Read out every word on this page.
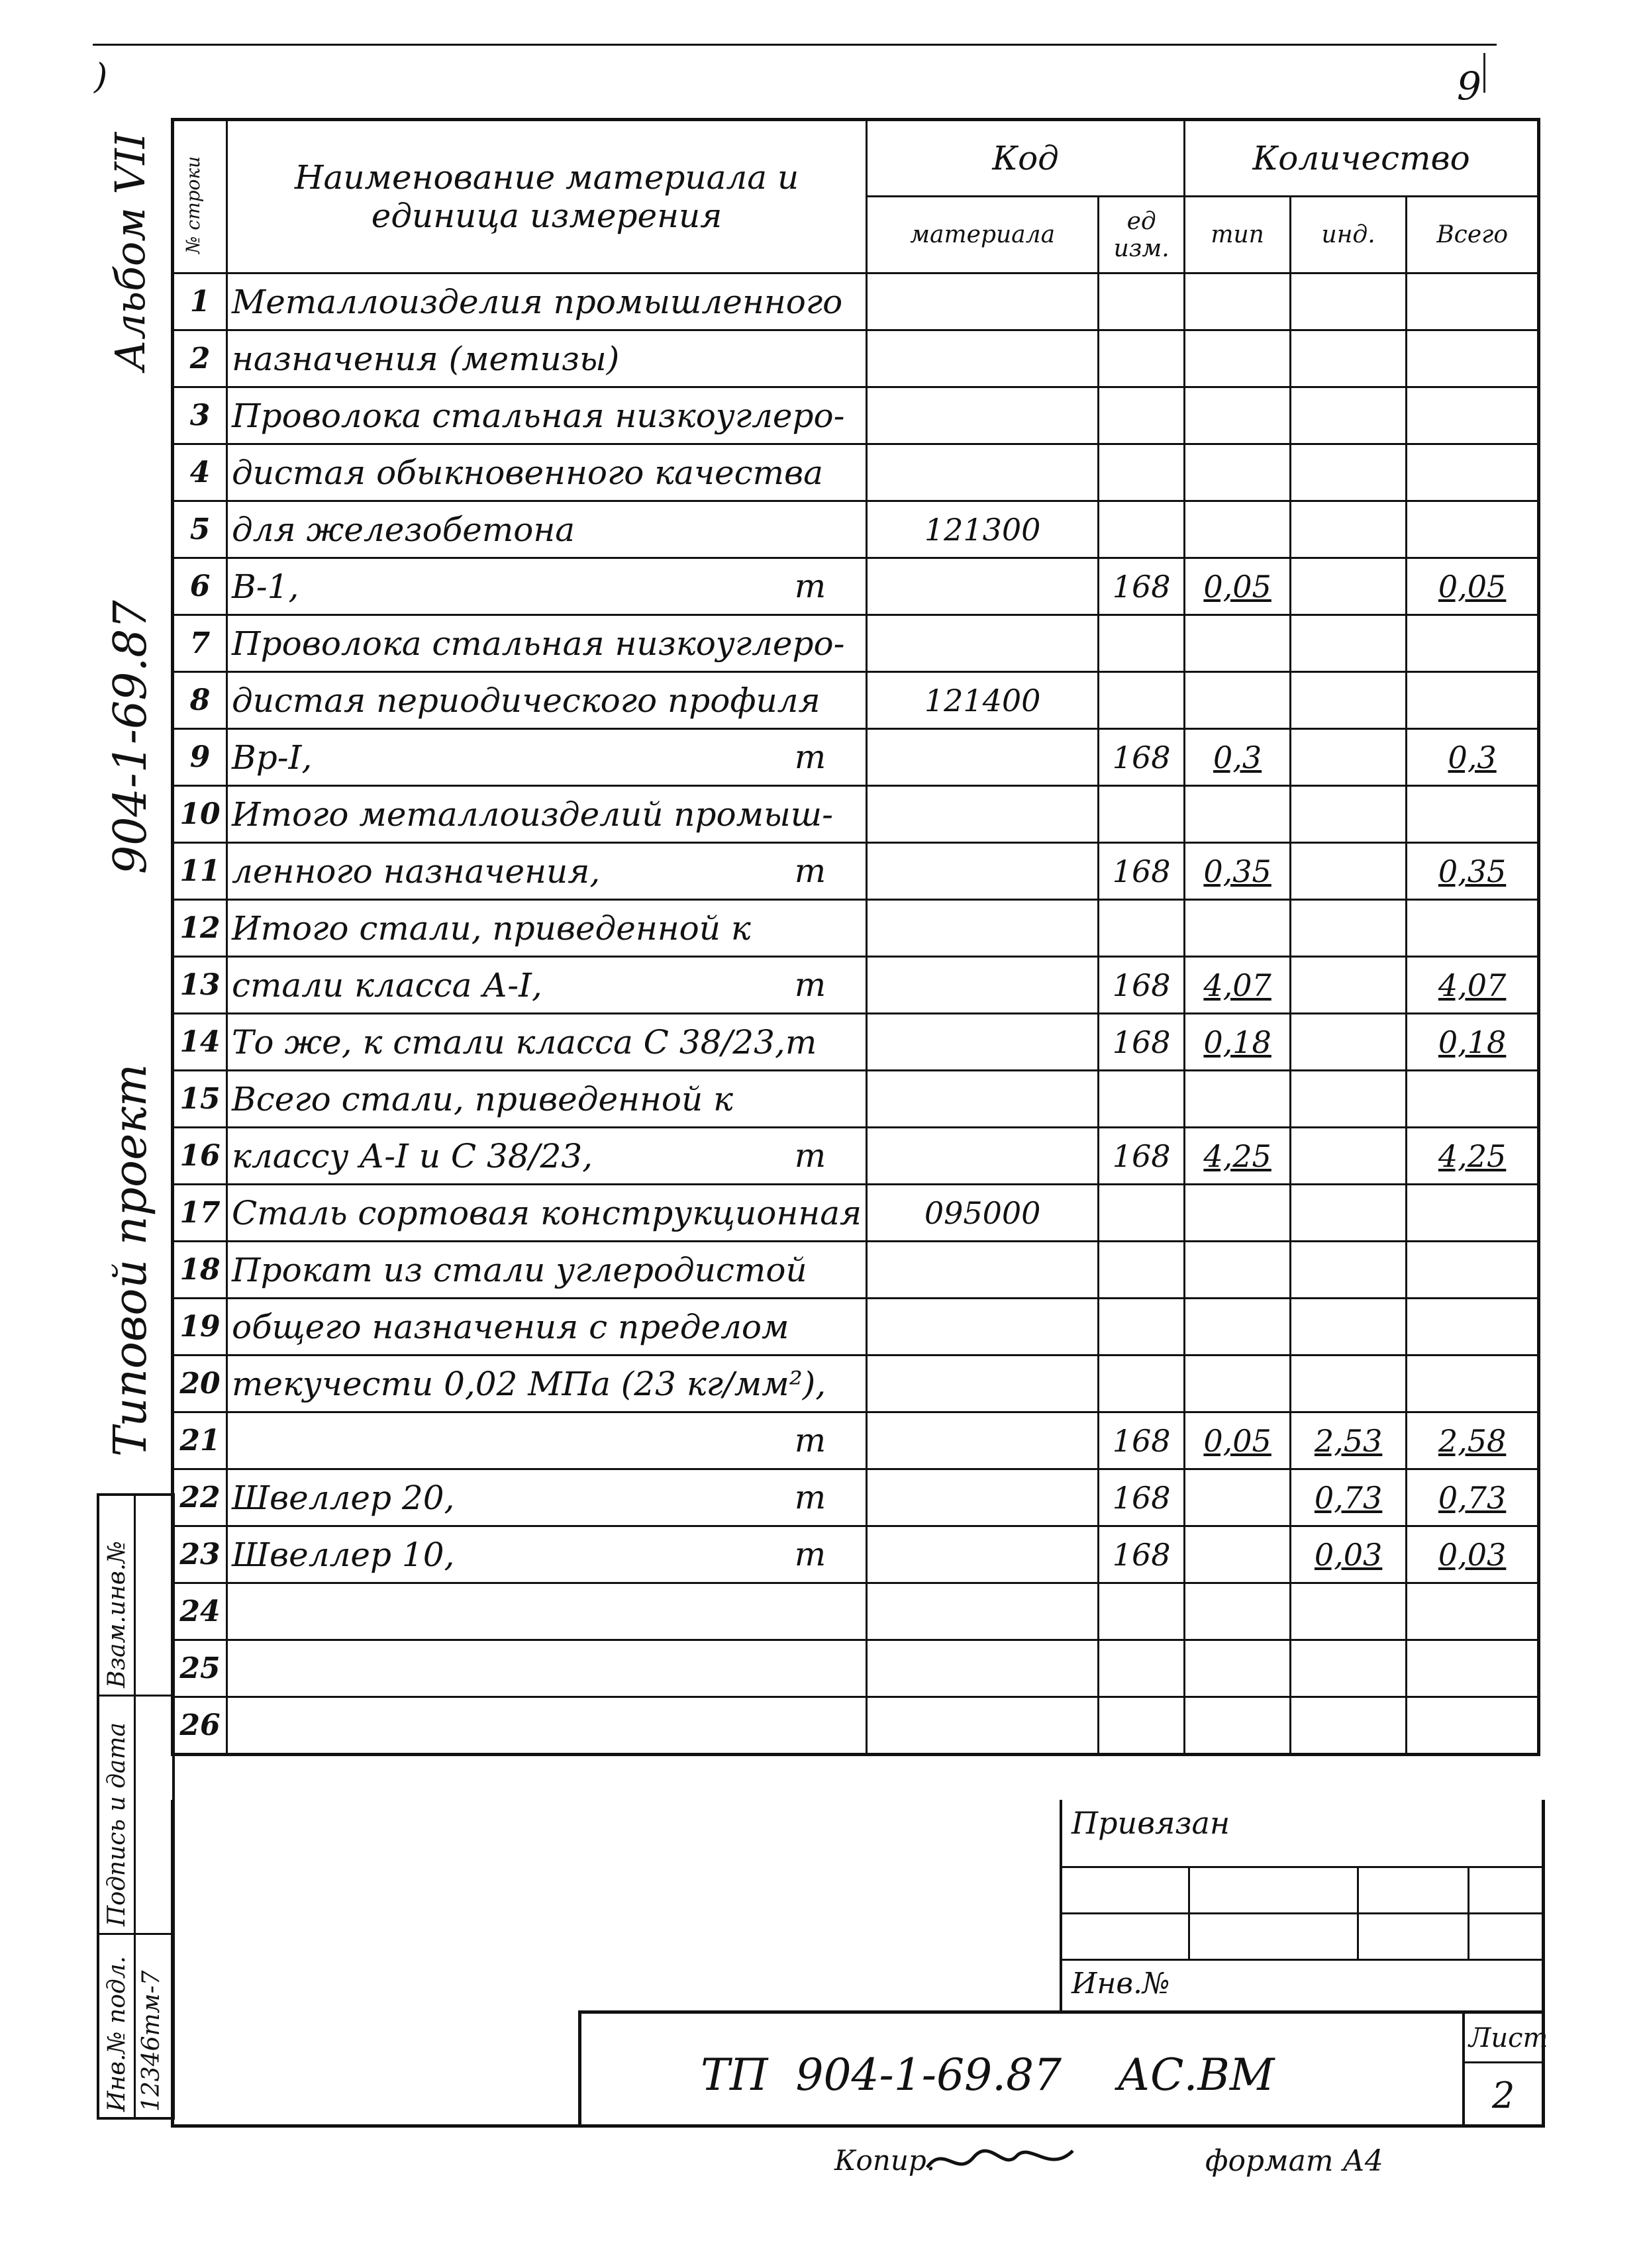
)	9
Альбом VII
904-1-69.87
Типовой проект
Взам.инв.№
Подпись и дата
Инв.№ подл. 12346тм-7
№ строки	Наименование материала и единица измерения	Код		Количество		
		материала	ед изм.	тип	инд.	Всего
1	Металлоизделия промышленного

2	назначения (метизы)

3	Проволока стальная низкоуглеро-

4	дистая обыкновенного качества

5	для железобетона	121300				
6	В-1, т		168	0,05		0,05
7	Проволока стальная низкоуглеро-

8	дистая периодического профиля	121400				
9	Вр-I, т		168	0,3		0,3
10	Итого металлоизделий промыш-

11	ленного назначения, т		168	0,35		0,35
12	Итого стали, приведенной к

13	стали класса А-I, т		168	4,07		4,07
14	То же, к стали класса С 38/23,т		168	0,18		0,18
15	Всего стали, приведенной к

16	классу А-I и С 38/23, т		168	4,25		4,25
17	Сталь сортовая конструкционная	095000				
18	Прокат из стали углеродистой

19	общего назначения с пределом

20	текучести 0,02 МПа (23 кг/мм²),

21	т		168	0,05	2,53	2,58
22	Швеллер 20, т		168		0,73	0,73
23	Швеллер 10, т		168		0,03	0,03
24	

25	

26	

Привязан
Инв.№
ТП  904-1-69.87    АС.ВМ
Лист
2
Копир.	формат А4
